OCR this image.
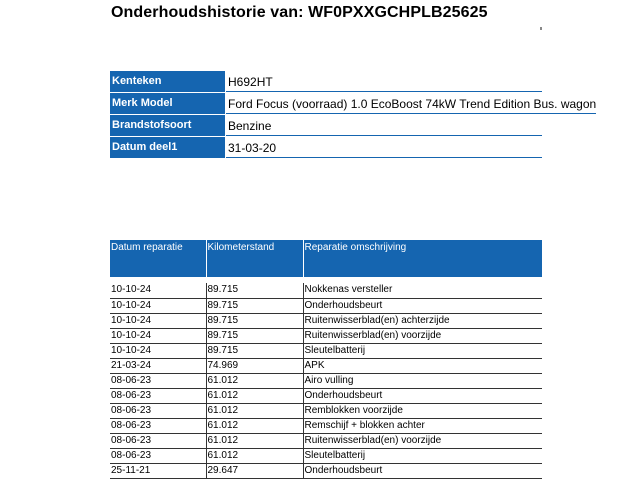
Onderhoudshistorie van: WF0PXXGCHPLB25625
Kenteken	H692HT
Merk Model	Ford Focus (voorraad) 1.0 EcoBoost 74kW Trend Edition Bus. wagon
Brandstofsoort	Benzine
Datum deel1	31-03-20
Datum reparatie	Kilometerstand	Reparatie omschrijving

10-10-24	89.715	Nokkenas versteller
10-10-24	89.715	Onderhoudsbeurt
10-10-24	89.715	Ruitenwisserblad(en) achterzijde
10-10-24	89.715	Ruitenwisserblad(en) voorzijde
10-10-24	89.715	Sleutelbatterij
21-03-24	74.969	APK
08-06-23	61.012	Airo vulling
08-06-23	61.012	Onderhoudsbeurt
08-06-23	61.012	Remblokken voorzijde
08-06-23	61.012	Remschijf + blokken achter
08-06-23	61.012	Ruitenwisserblad(en) voorzijde
08-06-23	61.012	Sleutelbatterij
25-11-21	29.647	Onderhoudsbeurt
